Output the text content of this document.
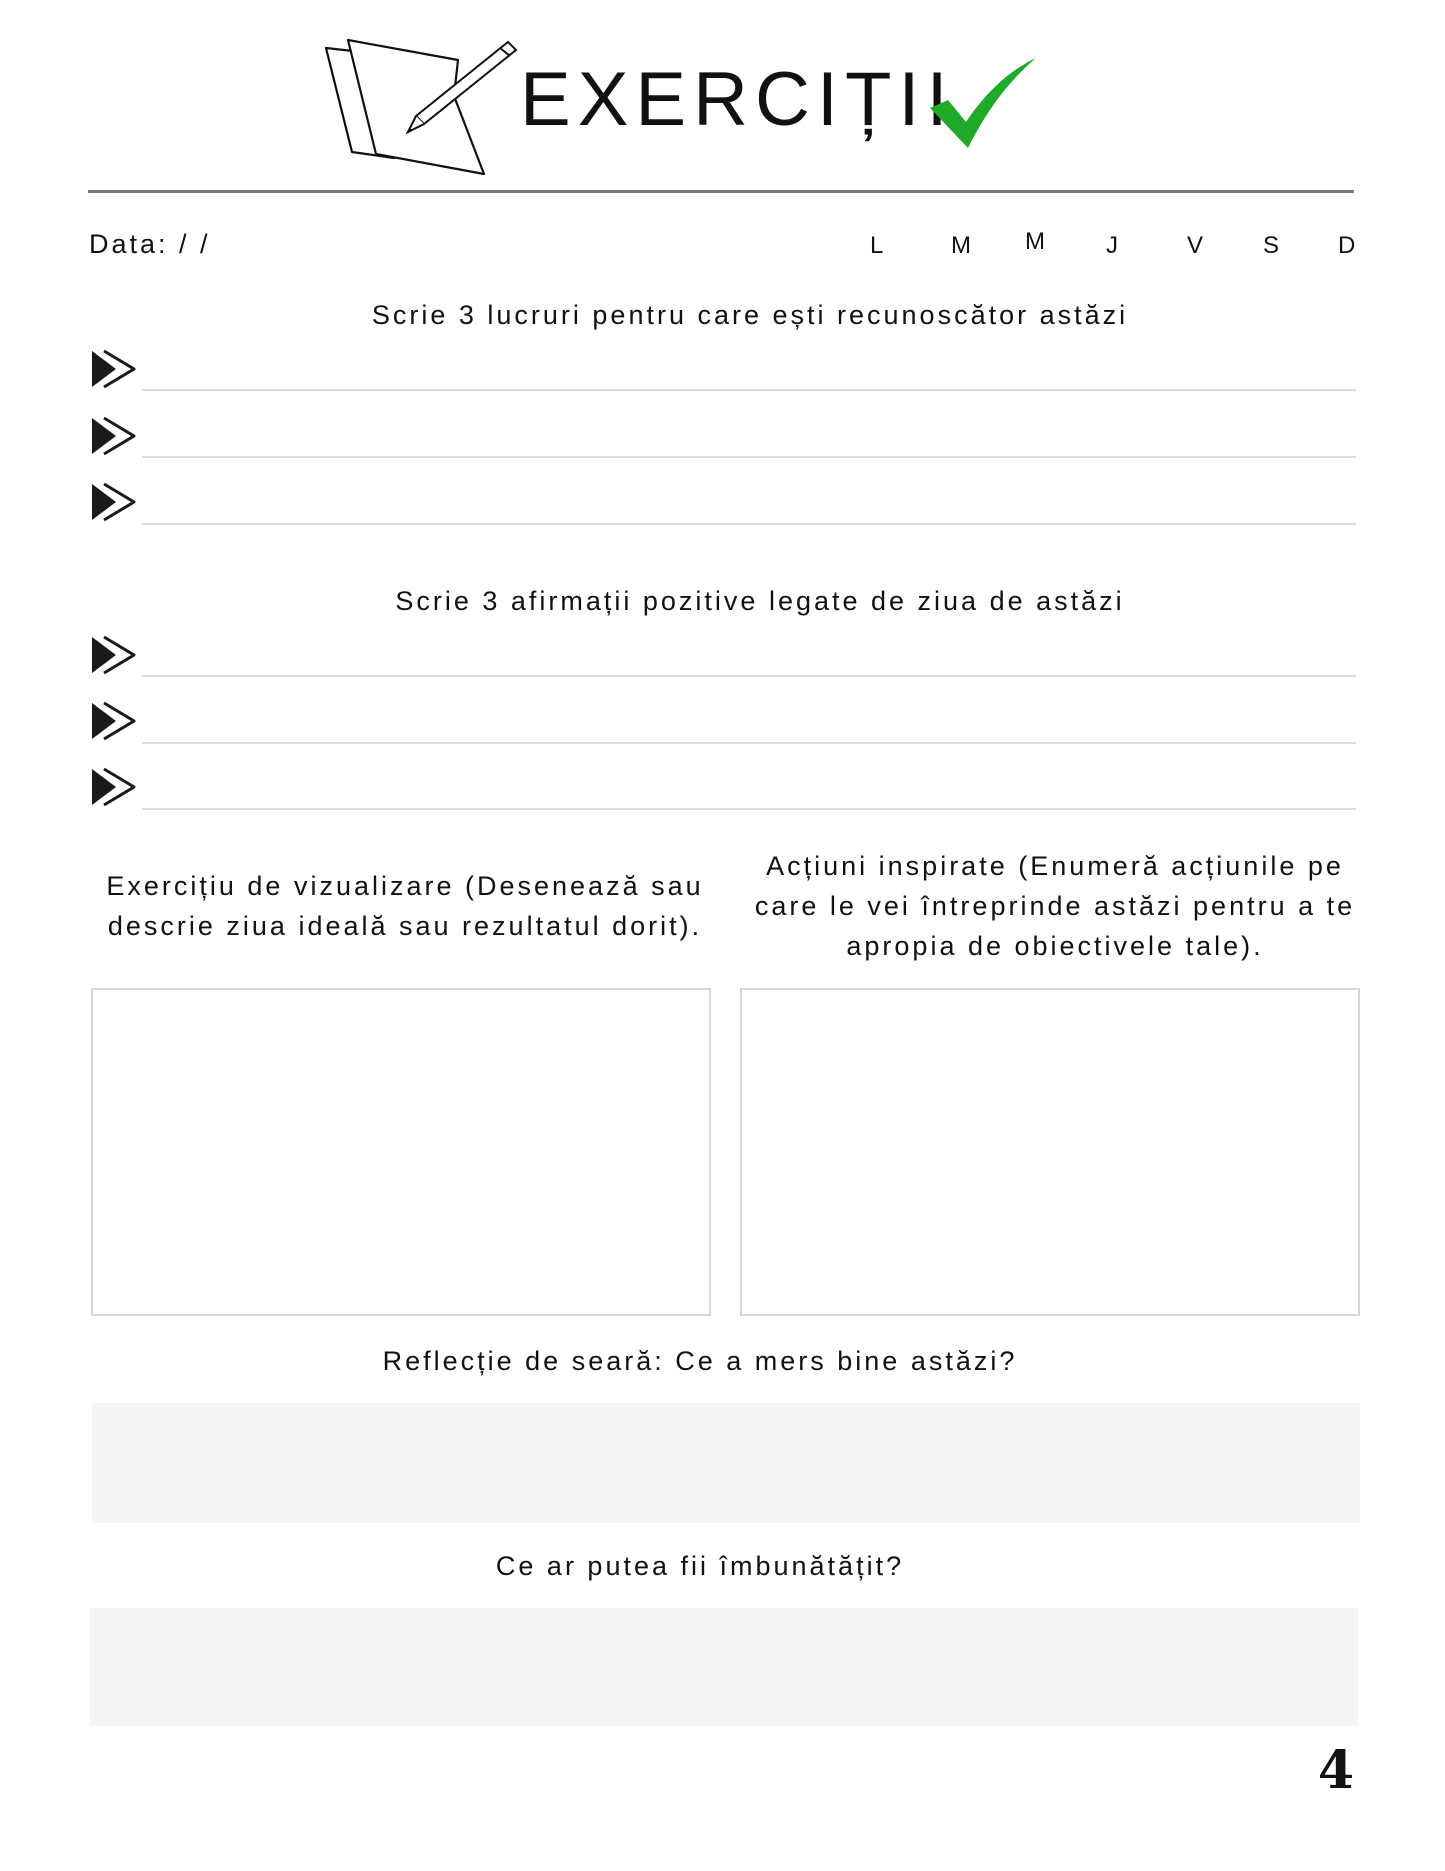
EXERCIȚII
Data: / /	L	M M J	V S D
Scrie 3 lucruri pentru care ești recunoscător astăzi
Scrie 3 afirmații pozitive legate de ziua de astăzi
Exercițiu de vizualizare (Desenează sau
descrie ziua ideală sau rezultatul dorit).
Acțiuni inspirate (Enumeră acțiunile pe
care le vei întreprinde astăzi pentru a te
apropia de obiectivele tale).
Reflecție de seară: Ce a mers bine astăzi?
Ce ar putea fii îmbunătățit?
4
